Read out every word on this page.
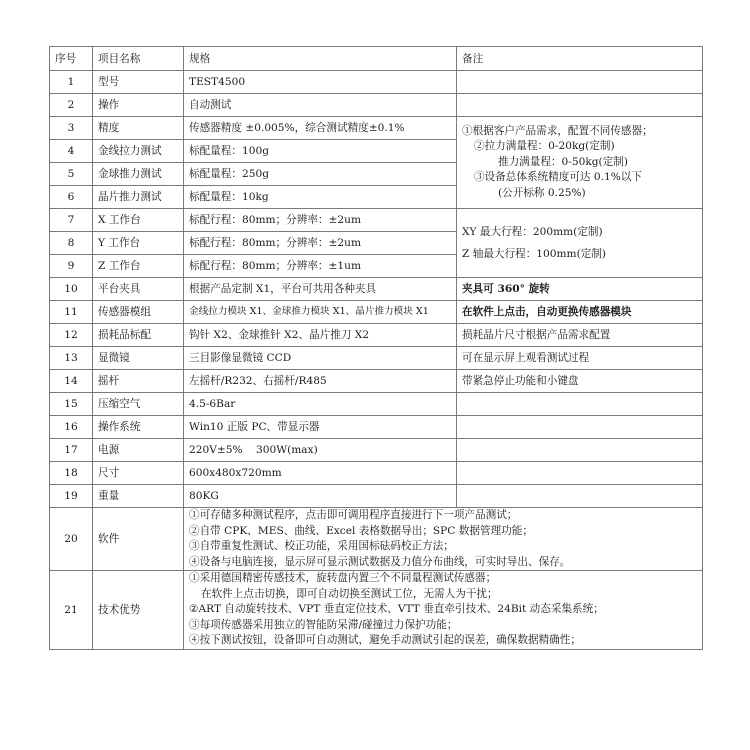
序号	项目名称	规格	备注
1	型号	TEST4500	
2	操作	自动测试	
3	精度	传感器精度 ±0.005%，综合测试精度±0.1%	①根据客户产品需求，配置不同传感器；
②拉力满量程：0-20kg(定制)
推力满量程：0-50kg(定制)
③设备总体系统精度可达 0.1%以下
(公开标称 0.25%)

4	金线拉力测试	标配量程：100g	
5	金球推力测试	标配量程：250g	
6	晶片推力测试	标配量程：10kg	
7	X 工作台	标配行程：80mm；分辨率：±2um	XY 最大行程：200mm(定制)
Z 轴最大行程：100mm(定制)

8	Y 工作台	标配行程：80mm；分辨率：±2um	
9	Z 工作台	标配行程：80mm；分辨率：±1um	
10	平台夹具	根据产品定制 X1，平台可共用各种夹具	夹具可 360° 旋转
11	传感器模组	金线拉力模块 X1、金球推力模块 X1、晶片推力模块 X1	在软件上点击，自动更换传感器模块
12	损耗品标配	钩针 X2、金球推针 X2、晶片推刀 X2	损耗晶片尺寸根据产品需求配置
13	显微镜	三目影像显微镜 CCD	可在显示屏上观看测试过程
14	摇杆	左摇杆/R232、右摇杆/R485	带紧急停止功能和小键盘
15	压缩空气	4.5-6Bar	
16	操作系统	Win10 正版 PC、带显示器	
17	电源	220V±5%    300W(max)	
18	尺寸	600x480x720mm	
19	重量	80KG	
20	软件	①可存储多种测试程序，点击即可调用程序直接进行下一项产品测试；
②自带 CPK、MES、曲线、Excel 表格数据导出；SPC 数据管理功能；
③自带重复性测试、校正功能，采用国标砝码校正方法；
④设备与电脑连接，显示屏可显示测试数据及力值分布曲线，可实时导出、保存。	

21	技术优势	①采用德国精密传感技术，旋转盘内置三个不同量程测试传感器；
在软件上点击切换，即可自动切换至测试工位，无需人为干扰；
②ART 自动旋转技术、VPT 垂直定位技术、VTT 垂直牵引技术、24Bit 动态采集系统；
③每项传感器采用独立的智能防呆滞/碰撞过力保护功能；
④按下测试按钮，设备即可自动测试，避免手动测试引起的误差，确保数据精确性；	
